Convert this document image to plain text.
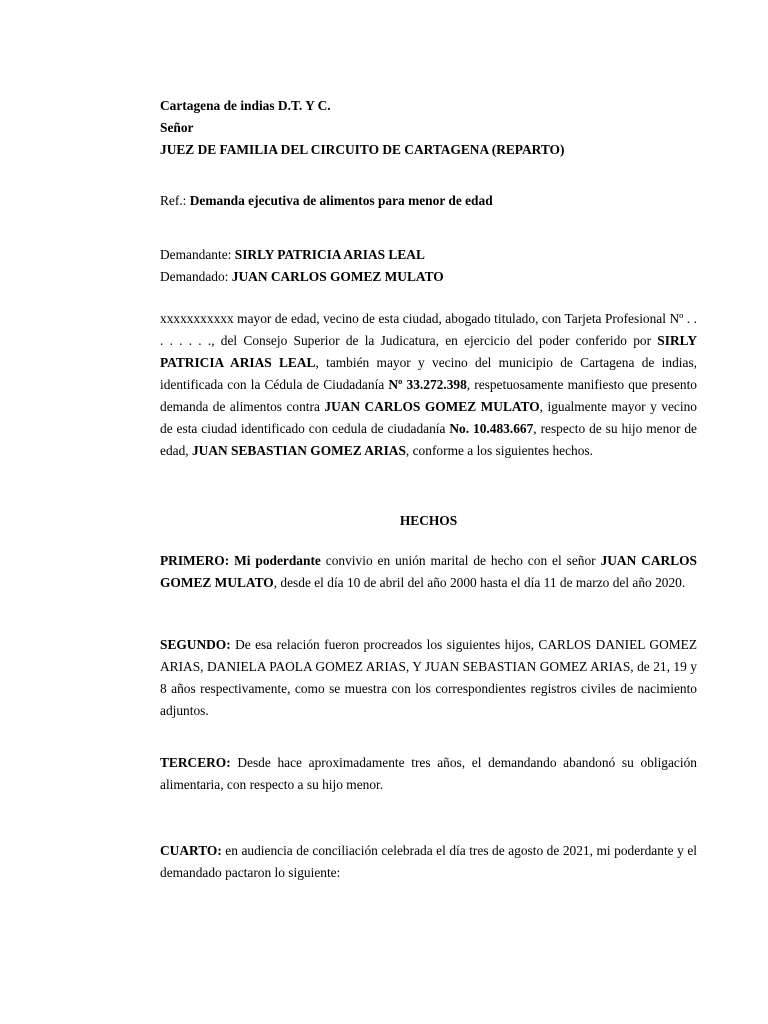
Cartagena de indias D.T. Y C.
Señor
JUEZ DE FAMILIA DEL CIRCUITO DE CARTAGENA (REPARTO)
Ref.: Demanda ejecutiva de alimentos para menor de edad
Demandante: SIRLY PATRICIA ARIAS LEAL
Demandado: JUAN CARLOS GOMEZ MULATO
xxxxxxxxxxx mayor de edad, vecino de esta ciudad, abogado titulado, con Tarjeta Profesional Nº . . . . . . . ., del Consejo Superior de la Judicatura, en ejercicio del poder conferido por SIRLY PATRICIA ARIAS LEAL, también mayor y vecino del municipio de Cartagena de indias, identificada con la Cédula de Ciudadanía Nº 33.272.398, respetuosamente manifiesto que presento demanda de alimentos contra JUAN CARLOS GOMEZ MULATO, igualmente mayor y vecino de esta ciudad identificado con cedula de ciudadanía No. 10.483.667, respecto de su hijo menor de edad, JUAN SEBASTIAN GOMEZ ARIAS, conforme a los siguientes hechos.
HECHOS
PRIMERO: Mi poderdante convivio en unión marital de hecho con el señor JUAN CARLOS GOMEZ MULATO, desde el día 10 de abril del año 2000 hasta el día 11 de marzo del año 2020.
SEGUNDO: De esa relación fueron procreados los siguientes hijos, CARLOS DANIEL GOMEZ ARIAS, DANIELA PAOLA GOMEZ ARIAS, Y JUAN SEBASTIAN GOMEZ ARIAS, de 21, 19 y 8 años respectivamente, como se muestra con los correspondientes registros civiles de nacimiento adjuntos.
TERCERO: Desde hace aproximadamente tres años, el demandando abandonó su obligación alimentaria, con respecto a su hijo menor.
CUARTO: en audiencia de conciliación celebrada el día tres de agosto de 2021, mi poderdante y el demandado pactaron lo siguiente:
